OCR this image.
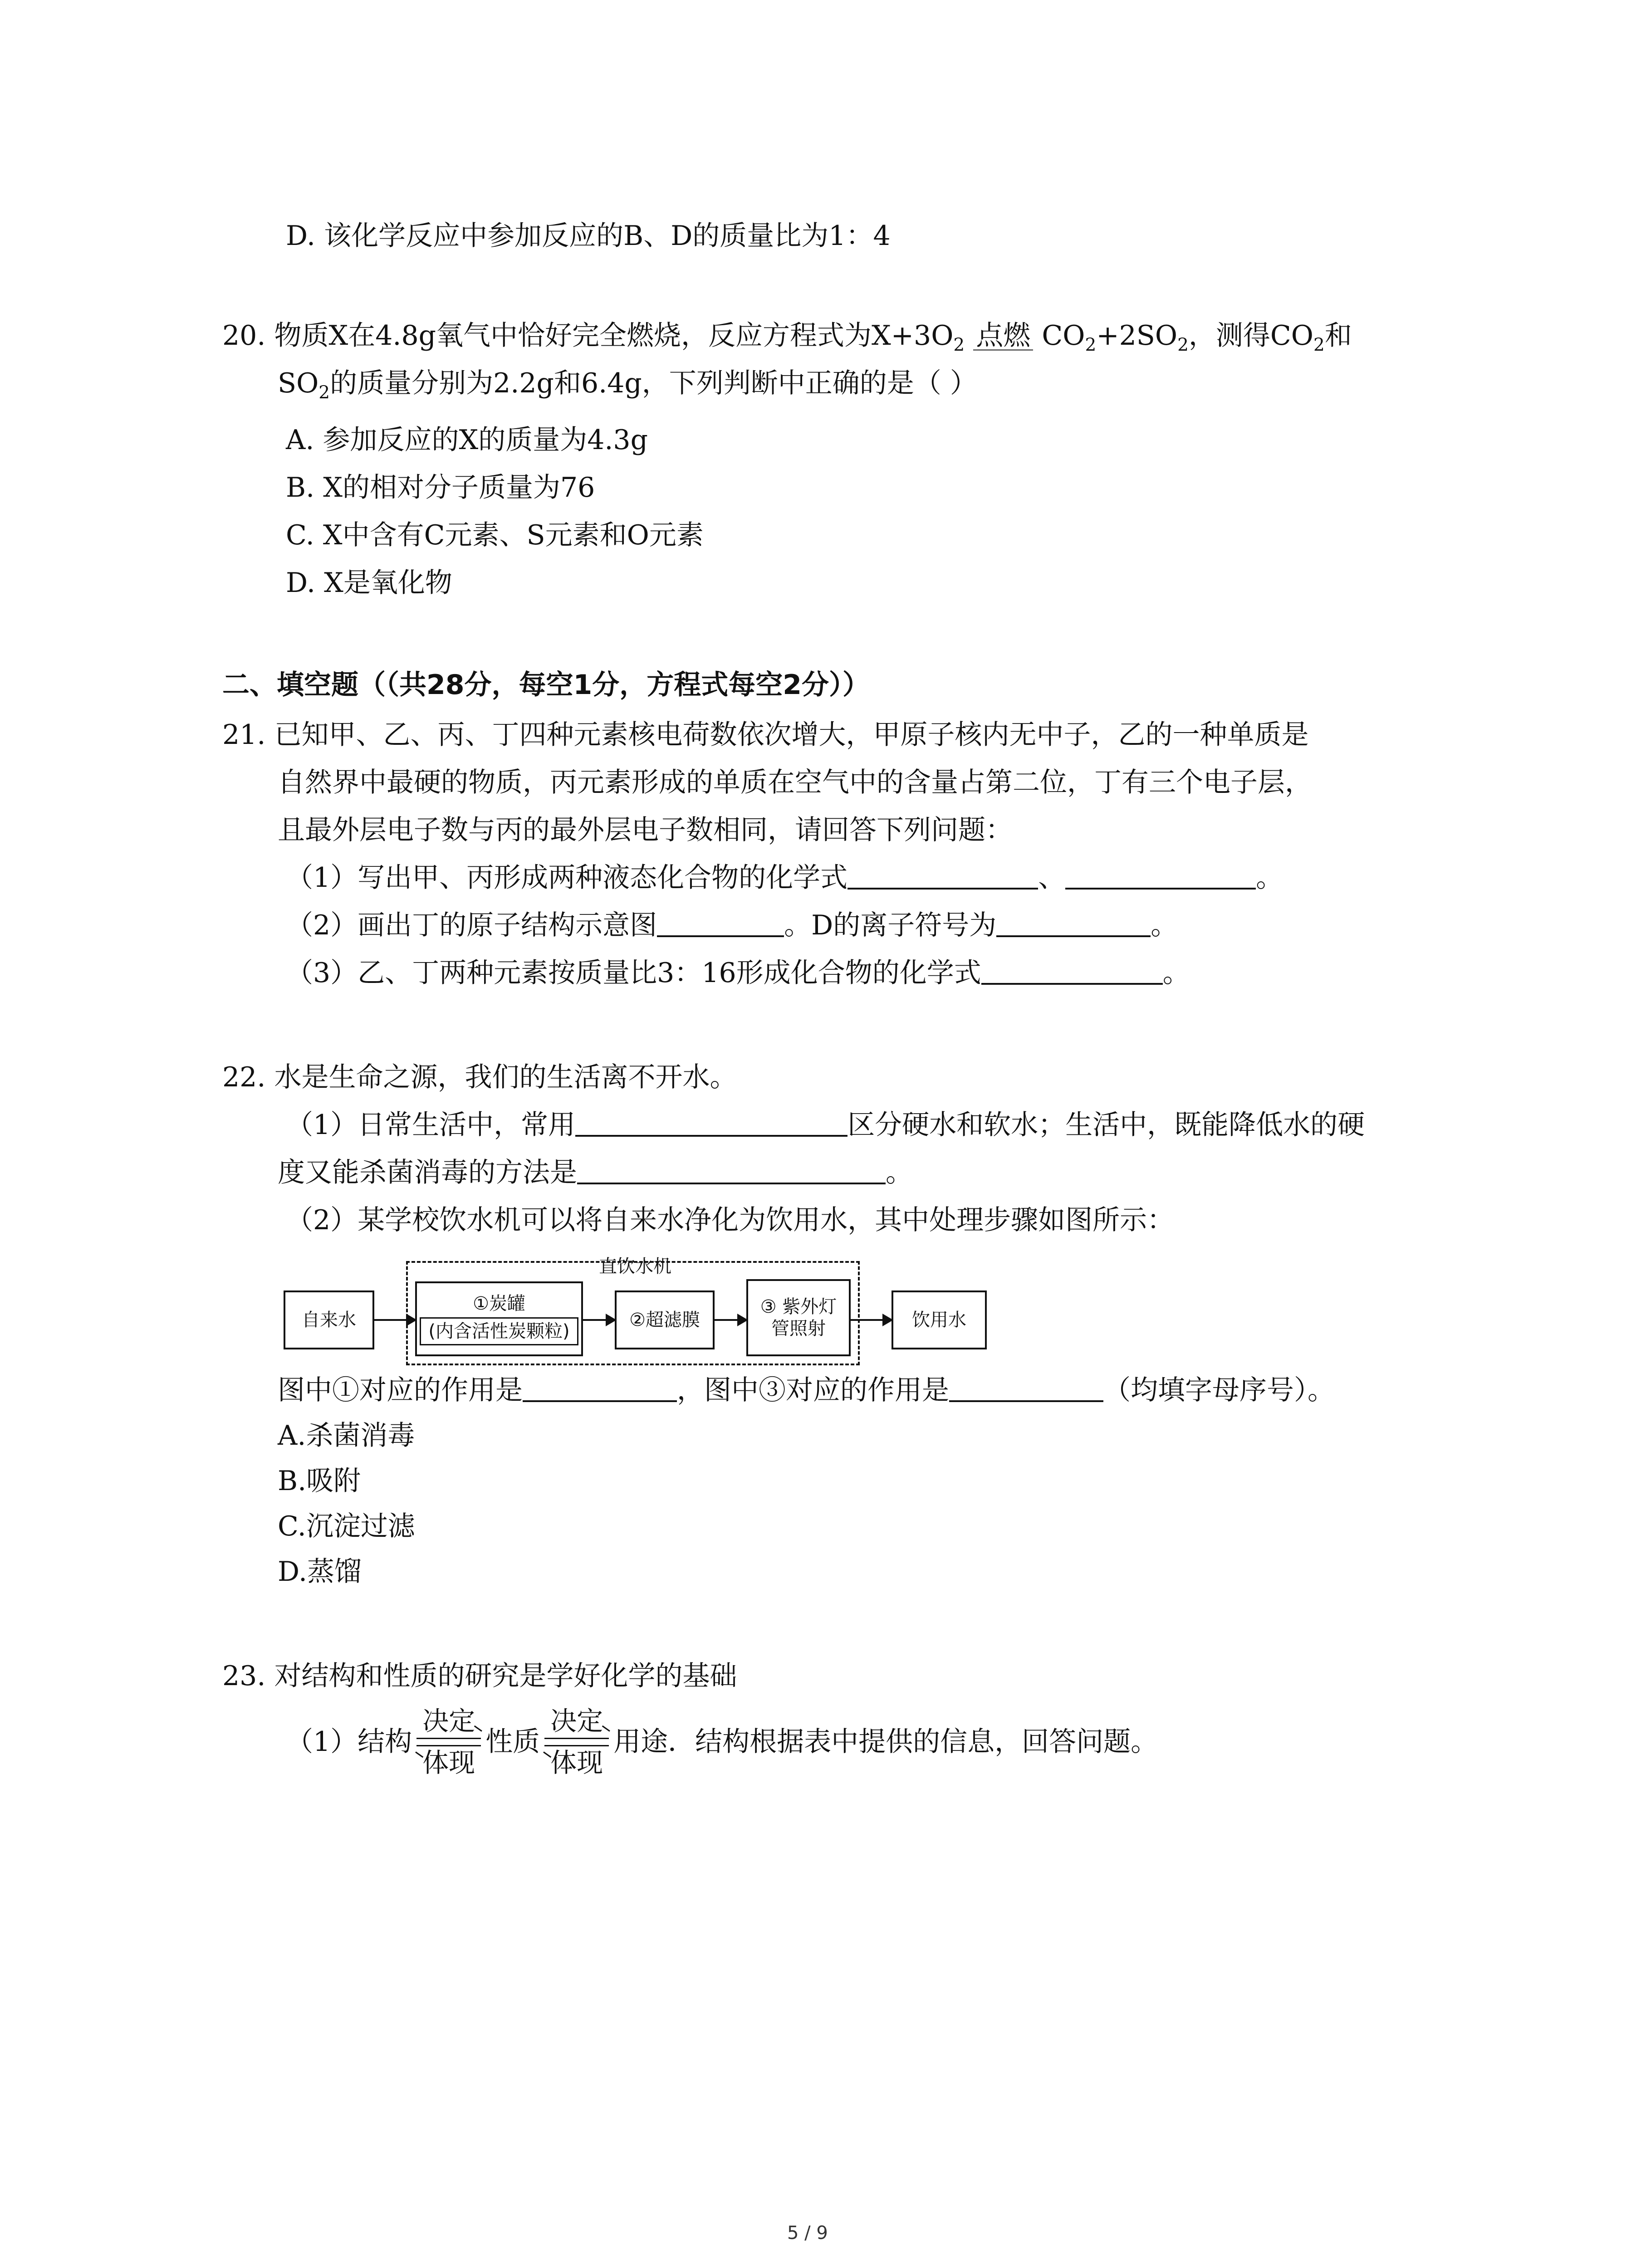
D. 该化学反应中参加反应的B、D的质量比为1：4
20. 物质X在4.8g氧气中恰好完全燃烧，反应方程式为$X+3O_2$ 点燃 $CO_2+2SO_2$，测得$CO_2$和
$SO_2$的质量分别为2.2g和6.4g，下列判断中正确的是（ ）
A. 参加反应的X的质量为4.3g
B. X的相对分子质量为76
C. X中含有C元素、S元素和O元素
D. X是氧化物
二、填空题（（共28分，每空1分，方程式每空2分））
21. 已知甲、乙、丙、丁四种元素核电荷数依次增大，甲原子核内无中子，乙的一种单质是
自然界中最硬的物质，丙元素形成的单质在空气中的含量占第二位，丁有三个电子层，
且最外层电子数与丙的最外层电子数相同，请回答下列问题：
（1）写出甲、丙形成两种液态化合物的化学式	、	。
（2）画出丁的原子结构示意图	。D的离子符号为	。
（3）乙、丁两种元素按质量比3：16形成化合物的化学式	。
22. 水是生命之源，我们的生活离不开水。
（1）日常生活中，常用	区分硬水和软水；生活中，既能降低水的硬
度又能杀菌消毒的方法是	。
（2）某学校饮水机可以将自来水净化为饮用水，其中处理步骤如图所示：
直饮水机
自来水
①炭罐
(内含活性炭颗粒)
②超滤膜
③ 紫外灯
管照射	饮用水
图中①对应的作用是	，图中③对应的作用是	（均填字母序号）。
A.杀菌消毒
B.吸附
C.沉淀过滤
D.蒸馏
23. 对结构和性质的研究是学好化学的基础
（1）结构
决定
体现
性质
决定
体现
用途．结构根据表中提供的信息，回答问题。
5 / 9
